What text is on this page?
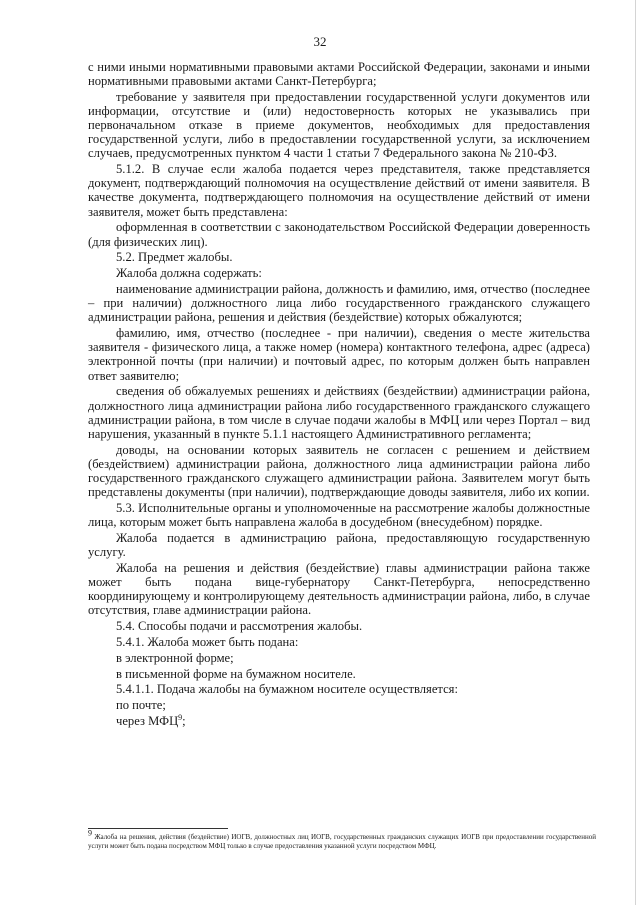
32

с ними иными нормативными правовыми актами Российской Федерации, законами и иными нормативными правовыми актами Санкт-Петербурга;

требование у заявителя при предоставлении государственной услуги документов или информации, отсутствие и (или) недостоверность которых не указывались при первоначальном отказе в приеме документов, необходимых для предоставления государственной услуги, либо в предоставлении государственной услуги, за исключением случаев, предусмотренных пунктом 4 части 1 статьи 7 Федерального закона № 210-ФЗ.

5.1.2. В случае если жалоба подается через представителя, также представляется документ, подтверждающий полномочия на осуществление действий от имени заявителя. В качестве документа, подтверждающего полномочия на осуществление действий от имени заявителя, может быть представлена:

оформленная в соответствии с законодательством Российской Федерации доверенность (для физических лиц).

5.2. Предмет жалобы.

Жалоба должна содержать:

наименование администрации района, должность и фамилию, имя, отчество (последнее – при наличии) должностного лица либо государственного гражданского служащего администрации района, решения и действия (бездействие) которых обжалуются;

фамилию, имя, отчество (последнее - при наличии), сведения о месте жительства заявителя - физического лица, а также номер (номера) контактного телефона, адрес (адреса) электронной почты (при наличии) и почтовый адрес, по которым должен быть направлен ответ заявителю;

сведения об обжалуемых решениях и действиях (бездействии) администрации района, должностного лица администрации района либо государственного гражданского служащего администрации района, в том числе в случае подачи жалобы в МФЦ или через Портал – вид нарушения, указанный в пункте 5.1.1 настоящего Административного регламента;

доводы, на основании которых заявитель не согласен с решением и действием (бездействием) администрации района, должностного лица администрации района либо государственного гражданского служащего администрации района. Заявителем могут быть представлены документы (при наличии), подтверждающие доводы заявителя, либо их копии.

5.3. Исполнительные органы и уполномоченные на рассмотрение жалобы должностные лица, которым может быть направлена жалоба в досудебном (внесудебном) порядке.

Жалоба подается в администрацию района, предоставляющую государственную услугу.

Жалоба на решения и действия (бездействие) главы администрации района также может быть подана вице-губернатору Санкт-Петербурга, непосредственно координирующему и контролирующему деятельность администрации района, либо, в случае отсутствия, главе администрации района.

5.4. Способы подачи и рассмотрения жалобы.

5.4.1. Жалоба может быть подана:

в электронной форме;

в письменной форме на бумажном носителе.

5.4.1.1. Подача жалобы на бумажном носителе осуществляется:

по почте;

через МФЦ$^9$;

$^9$ Жалоба на решения, действия (бездействие) ИОГВ, должностных лиц ИОГВ, государственных гражданских служащих ИОГВ при предоставлении государственной услуги может быть подана посредством МФЦ только в случае предоставления указанной услуги посредством МФЦ.
